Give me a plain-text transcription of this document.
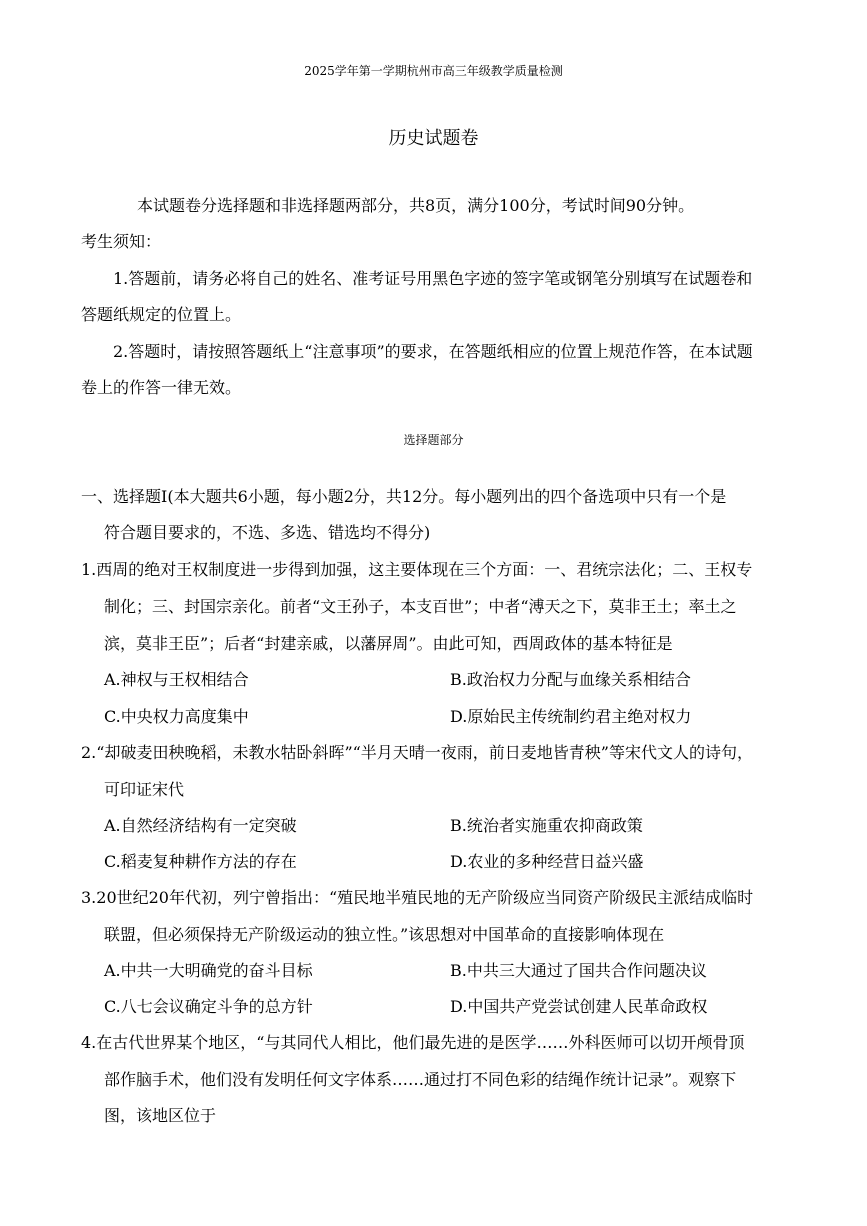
2025学年第一学期杭州市高三年级教学质量检测
历史试题卷
本试题卷分选择题和非选择题两部分，共8页，满分100分，考试时间90分钟。
考生须知：
1.答题前，请务必将自己的姓名、准考证号用黑色字迹的签字笔或钢笔分别填写在试题卷和
答题纸规定的位置上。
2.答题时，请按照答题纸上“注意事项”的要求，在答题纸相应的位置上规范作答，在本试题
卷上的作答一律无效。
选择题部分
一、选择题Ⅰ(本大题共6小题，每小题2分，共12分。每小题列出的四个备选项中只有一个是
符合题目要求的，不选、多选、错选均不得分)
1.西周的绝对王权制度进一步得到加强，这主要体现在三个方面：一、君统宗法化；二、王权专
制化；三、封国宗亲化。前者“文王孙子，本支百世”；中者“溥天之下，莫非王土；率土之
滨，莫非王臣”；后者“封建亲戚，以藩屏周”。由此可知，西周政体的基本特征是
A.神权与王权相结合	B.政治权力分配与血缘关系相结合
C.中央权力高度集中	D.原始民主传统制约君主绝对权力
2.“却破麦田秧晚稻，未教水牯卧斜晖”“半月天晴一夜雨，前日麦地皆青秧”等宋代文人的诗句，
可印证宋代
A.自然经济结构有一定突破	B.统治者实施重农抑商政策
C.稻麦复种耕作方法的存在	D.农业的多种经营日益兴盛
3.20世纪20年代初，列宁曾指出：“殖民地半殖民地的无产阶级应当同资产阶级民主派结成临时
联盟，但必须保持无产阶级运动的独立性。”该思想对中国革命的直接影响体现在
A.中共一大明确党的奋斗目标	B.中共三大通过了国共合作问题决议
C.八七会议确定斗争的总方针	D.中国共产党尝试创建人民革命政权
4.在古代世界某个地区，“与其同代人相比，他们最先进的是医学……外科医师可以切开颅骨顶
部作脑手术，他们没有发明任何文字体系……通过打不同色彩的结绳作统计记录”。观察下
图，该地区位于
